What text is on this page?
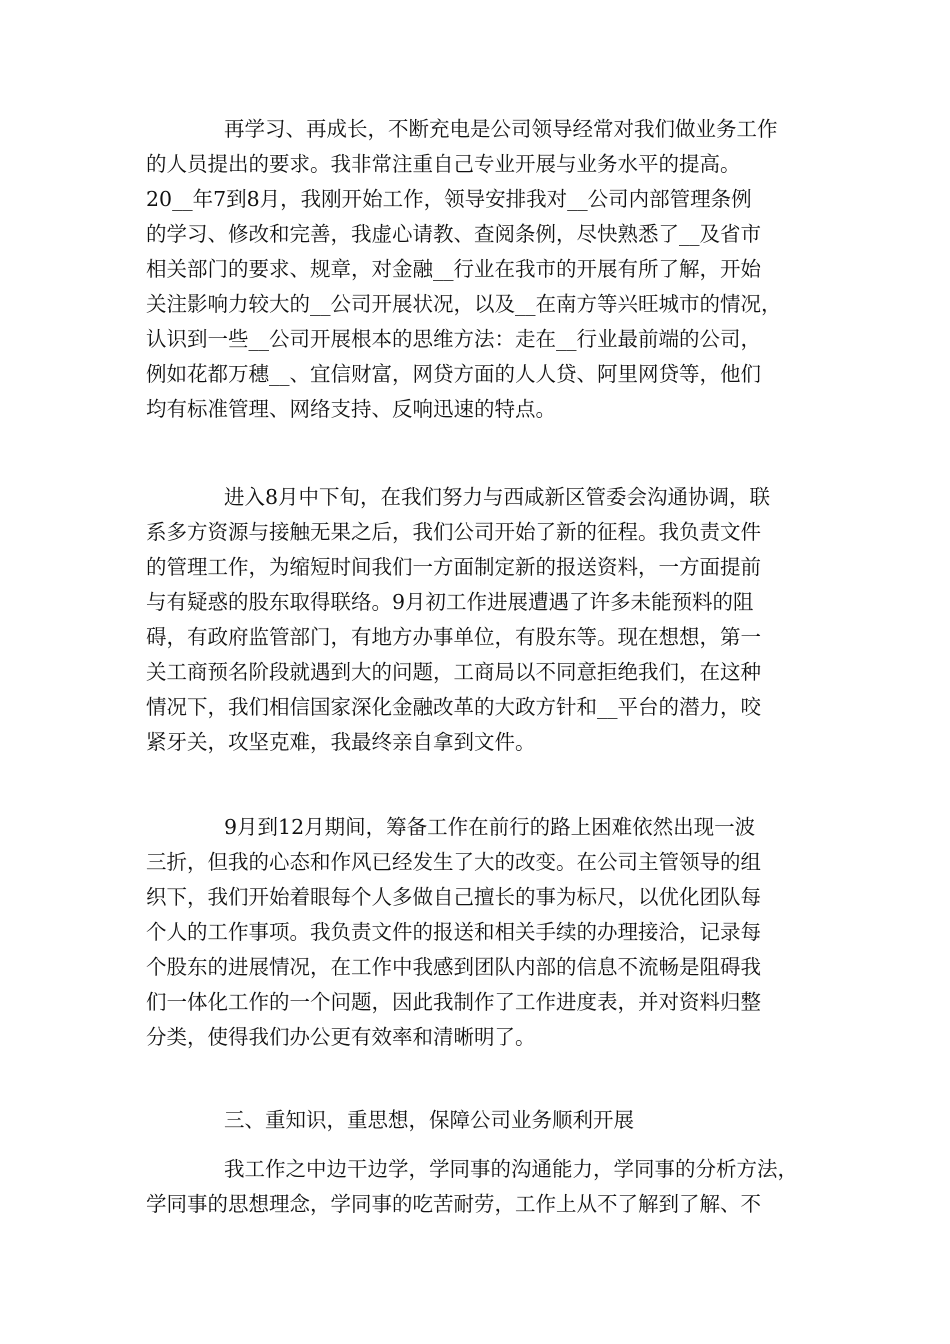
再学习、再成长，不断充电是公司领导经常对我们做业务工作
的人员提出的要求。我非常注重自己专业开展与业务水平的提高。
20__年7到8月，我刚开始工作，领导安排我对__公司内部管理条例
的学习、修改和完善，我虚心请教、查阅条例，尽快熟悉了__及省市
相关部门的要求、规章，对金融__行业在我市的开展有所了解，开始
关注影响力较大的__公司开展状况，以及__在南方等兴旺城市的情况，
认识到一些__公司开展根本的思维方法：走在__行业最前端的公司，
例如花都万穗__、宜信财富，网贷方面的人人贷、阿里网贷等，他们
均有标准管理、网络支持、反响迅速的特点。
进入8月中下旬，在我们努力与西咸新区管委会沟通协调，联
系多方资源与接触无果之后，我们公司开始了新的征程。我负责文件
的管理工作，为缩短时间我们一方面制定新的报送资料，一方面提前
与有疑惑的股东取得联络。9月初工作进展遭遇了许多未能预料的阻
碍，有政府监管部门，有地方办事单位，有股东等。现在想想，第一
关工商预名阶段就遇到大的问题，工商局以不同意拒绝我们，在这种
情况下，我们相信国家深化金融改革的大政方针和__平台的潜力，咬
紧牙关，攻坚克难，我最终亲自拿到文件。
9月到12月期间，筹备工作在前行的路上困难依然出现一波
三折，但我的心态和作风已经发生了大的改变。在公司主管领导的组
织下，我们开始着眼每个人多做自己擅长的事为标尺，以优化团队每
个人的工作事项。我负责文件的报送和相关手续的办理接洽，记录每
个股东的进展情况，在工作中我感到团队内部的信息不流畅是阻碍我
们一体化工作的一个问题，因此我制作了工作进度表，并对资料归整
分类，使得我们办公更有效率和清晰明了。
三、重知识，重思想，保障公司业务顺利开展
我工作之中边干边学，学同事的沟通能力，学同事的分析方法，
学同事的思想理念，学同事的吃苦耐劳，工作上从不了解到了解、不
